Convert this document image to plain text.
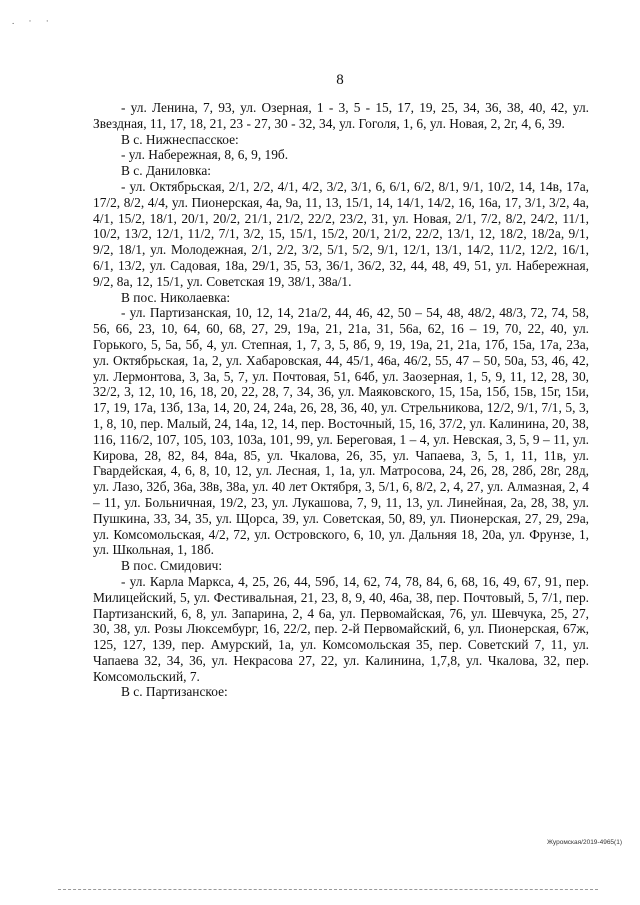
. · ·
8

- ул. Ленина, 7, 93, ул. Озерная, 1 - 3, 5 - 15, 17, 19, 25, 34, 36, 38, 40, 42, ул. Звездная, 11, 17, 18, 21, 23 - 27, 30 - 32, 34, ул. Гоголя, 1, 6, ул. Новая, 2, 2г, 4, 6, 39.

В с. Нижнеспасское:

- ул. Набережная, 8, 6, 9, 19б.

В с. Даниловка:

- ул. Октябрьская, 2/1, 2/2, 4/1, 4/2, 3/2, 3/1, 6, 6/1, 6/2, 8/1, 9/1, 10/2, 14, 14в, 17а, 17/2, 8/2, 4/4, ул. Пионерская, 4а, 9а, 11, 13, 15/1, 14, 14/1, 14/2, 16, 16а, 17, 3/1, 3/2, 4а, 4/1, 15/2, 18/1, 20/1, 20/2, 21/1, 21/2, 22/2, 23/2, 31, ул. Новая, 2/1, 7/2, 8/2, 24/2, 11/1, 10/2, 13/2, 12/1, 11/2, 7/1, 3/2, 15, 15/1, 15/2, 20/1, 21/2, 22/2, 13/1, 12, 18/2, 18/2а, 9/1, 9/2, 18/1, ул. Молодежная, 2/1, 2/2, 3/2, 5/1, 5/2, 9/1, 12/1, 13/1, 14/2, 11/2, 12/2, 16/1, 6/1, 13/2, ул. Садовая, 18а, 29/1, 35, 53, 36/1, 36/2, 32, 44, 48, 49, 51, ул. Набережная, 9/2, 8а, 12, 15/1, ул. Советская 19, 38/1, 38а/1.

В пос. Николаевка:

- ул. Партизанская, 10, 12, 14, 21а/2, 44, 46, 42, 50 – 54, 48, 48/2, 48/3, 72, 74, 58, 56, 66, 23, 10, 64, 60, 68, 27, 29, 19а, 21, 21а, 31, 56а, 62, 16 – 19, 70, 22, 40, ул. Горького, 5, 5а, 5б, 4, ул. Степная, 1, 7, 3, 5, 8б, 9, 19, 19а, 21, 21а, 17б, 15а, 17а, 23а, ул. Октябрьская, 1а, 2, ул. Хабаровская, 44, 45/1, 46а, 46/2, 55, 47 – 50, 50а, 53, 46, 42, ул. Лермонтова, 3, 3а, 5, 7, ул. Почтовая, 51, 64б, ул. Заозерная, 1, 5, 9, 11, 12, 28, 30, 32/2, 3, 12, 10, 16, 18, 20, 22, 28, 7, 34, 36, ул. Маяковского, 15, 15а, 15б, 15в, 15г, 15и, 17, 19, 17а, 13б, 13а, 14, 20, 24, 24а, 26, 28, 36, 40, ул. Стрельникова, 12/2, 9/1, 7/1, 5, 3, 1, 8, 10, пер. Малый, 24, 14а, 12, 14, пер. Восточный, 15, 16, 37/2, ул. Калинина, 20, 38, 116, 116/2, 107, 105, 103, 103а, 101, 99, ул. Береговая, 1 – 4, ул. Невская, 3, 5, 9 – 11, ул. Кирова, 28, 82, 84, 84а, 85, ул. Чкалова, 26, 35, ул. Чапаева, 3, 5, 1, 11, 11в, ул. Гвардейская, 4, 6, 8, 10, 12, ул. Лесная, 1, 1а, ул. Матросова, 24, 26, 28, 28б, 28г, 28д, ул. Лазо, 32б, 36а, 38в, 38а, ул. 40 лет Октября, 3, 5/1, 6, 8/2, 2, 4, 27, ул. Алмазная, 2, 4 – 11, ул. Больничная, 19/2, 23, ул. Лукашова, 7, 9, 11, 13, ул. Линейная, 2а, 28, 38, ул. Пушкина, 33, 34, 35, ул. Щорса, 39, ул. Советская, 50, 89, ул. Пионерская, 27, 29, 29а, ул. Комсомольская, 4/2, 72, ул. Островского, 6, 10, ул. Дальняя 18, 20а, ул. Фрунзе, 1, ул. Школьная, 1, 18б.

В пос. Смидович:

- ул. Карла Маркса, 4, 25, 26, 44, 59б, 14, 62, 74, 78, 84, 6, 68, 16, 49, 67, 91, пер. Милицейский, 5, ул. Фестивальная, 21, 23, 8, 9, 40, 46а, 38, пер. Почтовый, 5, 7/1, пер. Партизанский, 6, 8, ул. Запарина, 2, 4 6а, ул. Первомайская, 76, ул. Шевчука, 25, 27, 30, 38, ул. Розы Люксембург, 16, 22/2, пер. 2-й Первомайский, 6, ул. Пионерская, 67ж, 125, 127, 139, пер. Амурский, 1а, ул. Комсомольская 35, пер. Советский 7, 11, ул. Чапаева 32, 34, 36, ул. Некрасова 27, 22, ул. Калинина, 1,7,8, ул. Чкалова, 32, пер. Комсомольский, 7.

В с. Партизанское:

Журомская/2019-4965(1)
